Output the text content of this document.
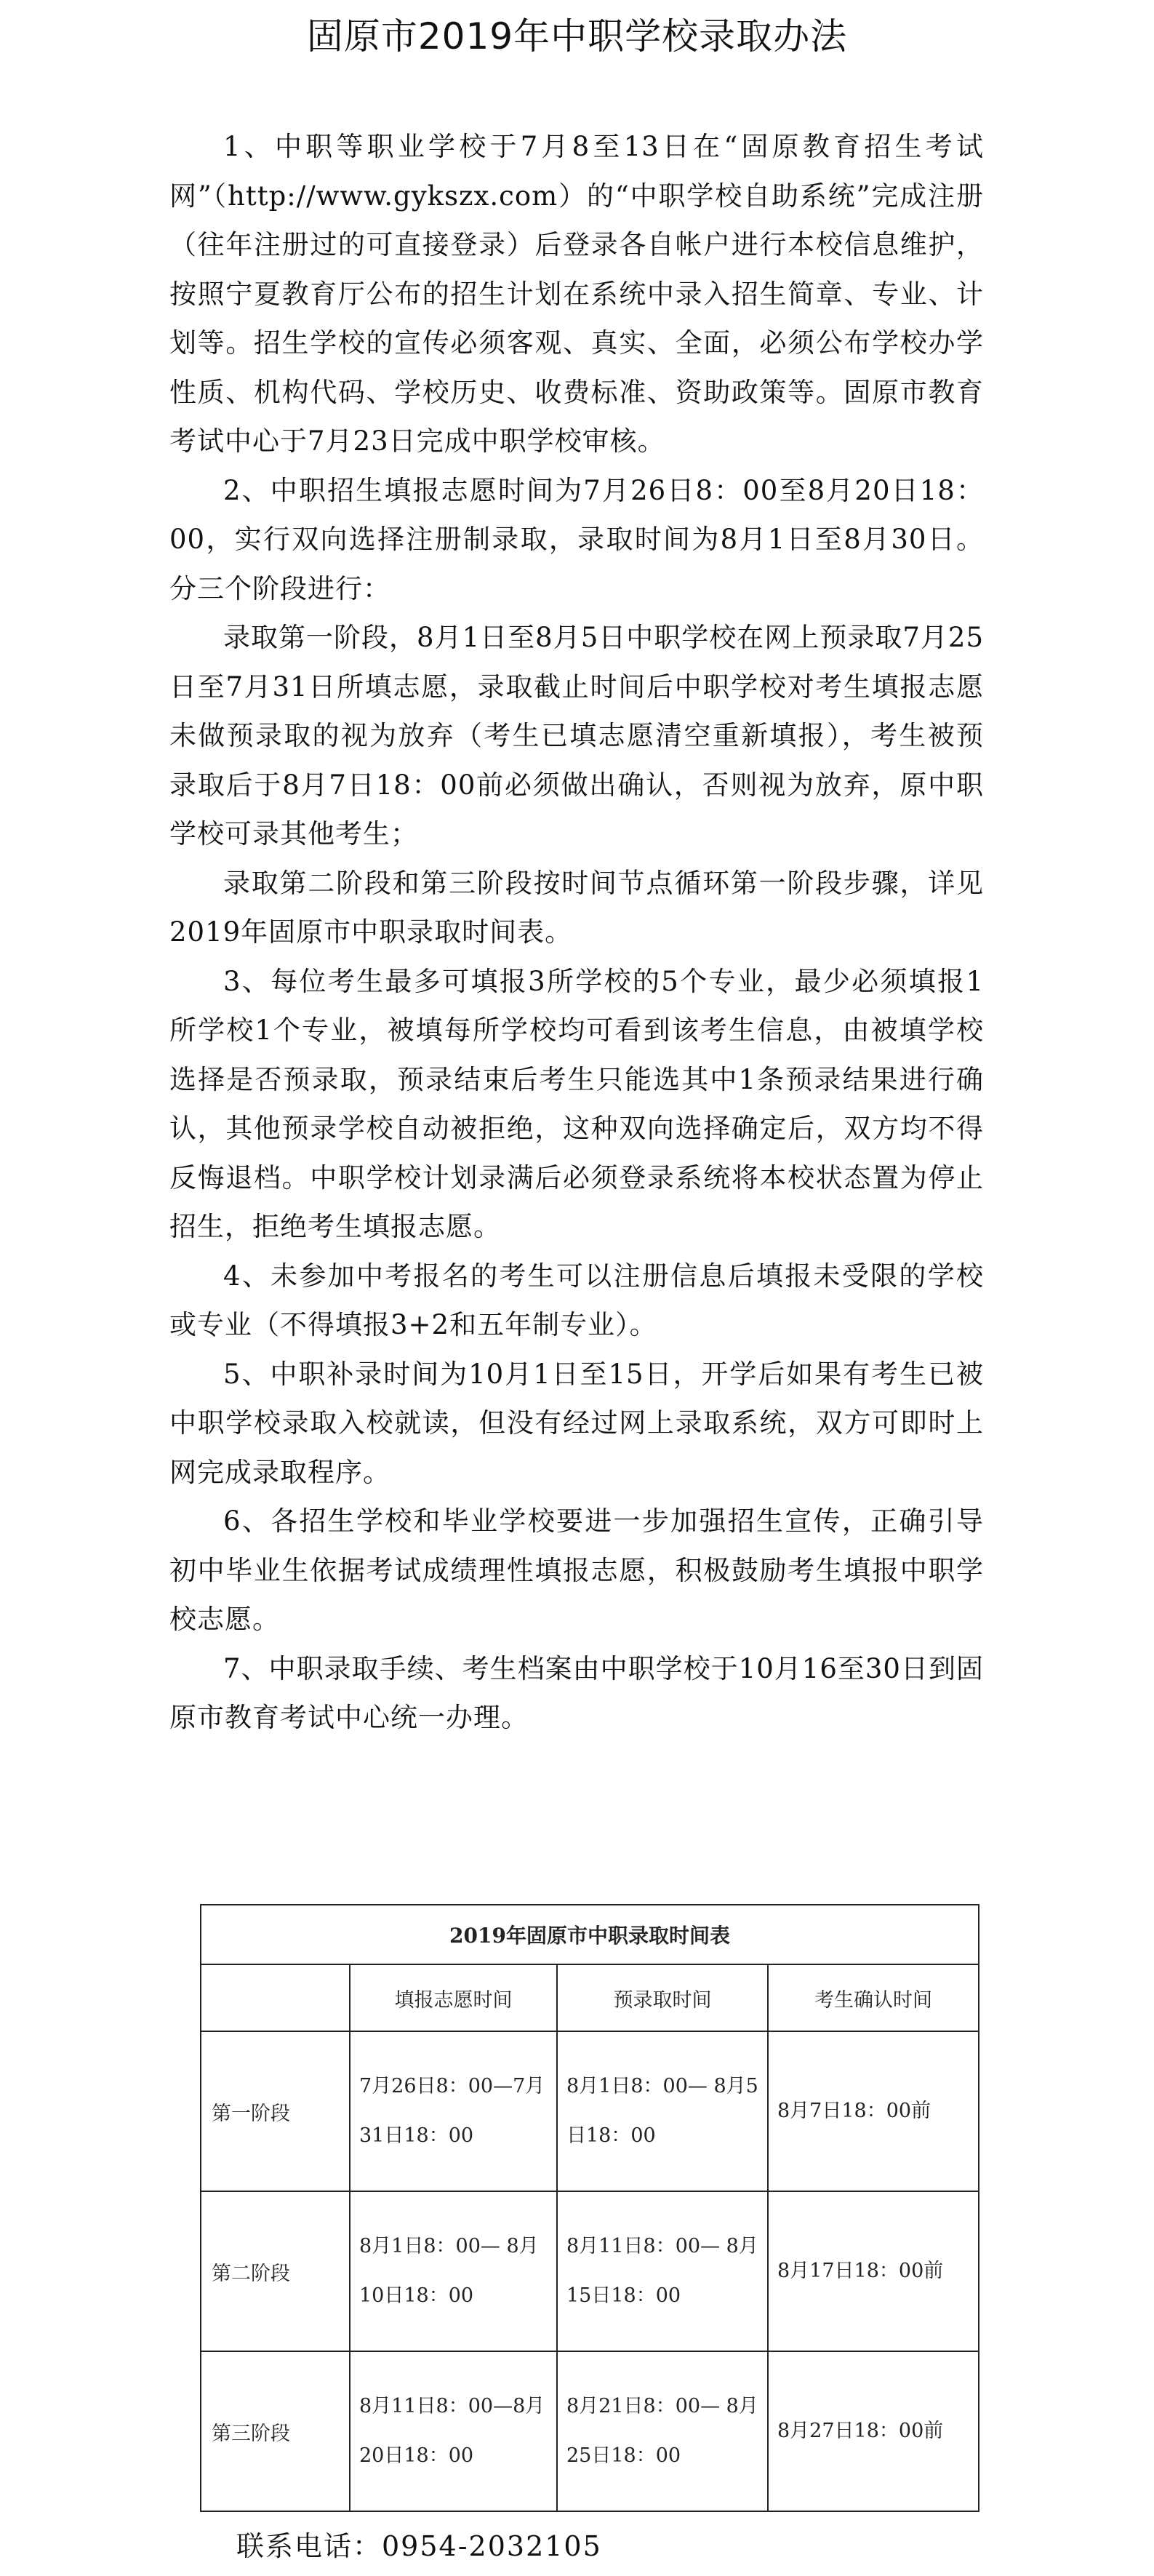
固原市2019年中职学校录取办法

1、中职等职业学校于7月8至13日在“固原教育招生考试网”（http://www.gykszx.com）的“中职学校自助系统”完成注册（往年注册过的可直接登录）后登录各自帐户进行本校信息维护，按照宁夏教育厅公布的招生计划在系统中录入招生简章、专业、计划等。招生学校的宣传必须客观、真实、全面，必须公布学校办学性质、机构代码、学校历史、收费标准、资助政策等。固原市教育考试中心于7月23日完成中职学校审核。

2、中职招生填报志愿时间为7月26日8：00至8月20日18：00，实行双向选择注册制录取，录取时间为8月1日至8月30日。分三个阶段进行：

录取第一阶段，8月1日至8月5日中职学校在网上预录取7月25日至7月31日所填志愿，录取截止时间后中职学校对考生填报志愿未做预录取的视为放弃（考生已填志愿清空重新填报），考生被预录取后于8月7日18：00前必须做出确认，否则视为放弃，原中职学校可录其他考生；

录取第二阶段和第三阶段按时间节点循环第一阶段步骤，详见2019年固原市中职录取时间表。

3、每位考生最多可填报3所学校的5个专业，最少必须填报1所学校1个专业，被填每所学校均可看到该考生信息，由被填学校选择是否预录取，预录结束后考生只能选其中1条预录结果进行确认，其他预录学校自动被拒绝，这种双向选择确定后，双方均不得反悔退档。中职学校计划录满后必须登录系统将本校状态置为停止招生，拒绝考生填报志愿。

4、未参加中考报名的考生可以注册信息后填报未受限的学校或专业（不得填报3+2和五年制专业）。

5、中职补录时间为10月1日至15日，开学后如果有考生已被中职学校录取入校就读，但没有经过网上录取系统，双方可即时上网完成录取程序。

6、各招生学校和毕业学校要进一步加强招生宣传，正确引导初中毕业生依据考试成绩理性填报志愿，积极鼓励考生填报中职学校志愿。

7、中职录取手续、考生档案由中职学校于10月16至30日到固原市教育考试中心统一办理。

2019年固原市中职录取时间表			
	填报志愿时间	预录取时间	考生确认时间
第一阶段	7月26日8：00—7月31日18：00	8月1日8：00— 8月5日18：00	8月7日18：00前
第二阶段	8月1日8：00— 8月10日18：00	8月11日8：00— 8月15日18：00	8月17日18：00前
第三阶段	8月11日8：00—8月20日18：00	8月21日8：00— 8月25日18：00	8月27日18：00前
联系电话：0954-2032105
